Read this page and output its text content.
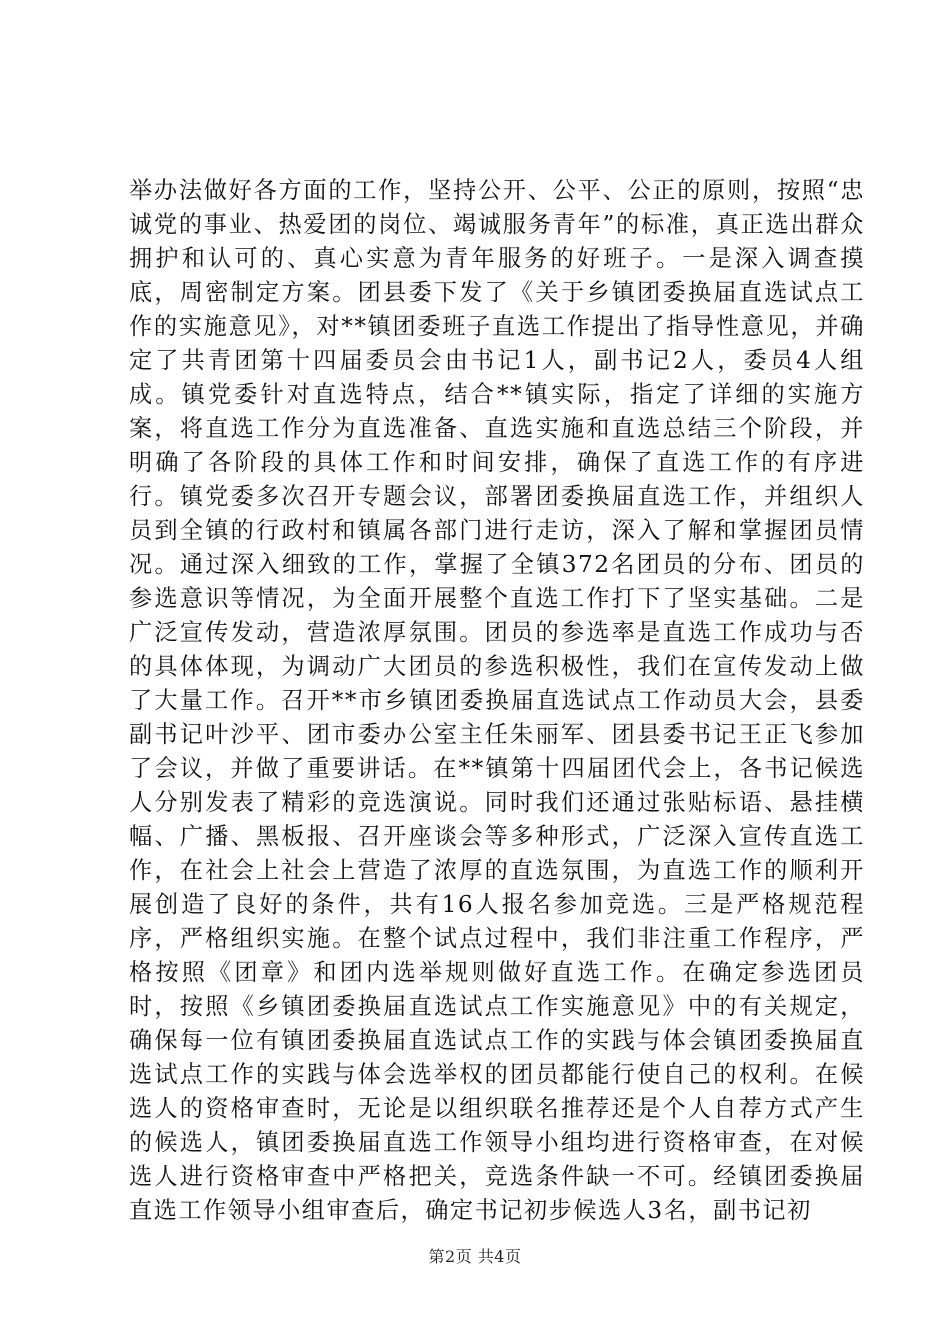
举办法做好各方面的工作，坚持公开、公平、公正的原则，按照“忠诚党的事业、热爱团的岗位、竭诚服务青年”的标准，真正选出群众拥护和认可的、真心实意为青年服务的好班子。一是深入调查摸底，周密制定方案。团县委下发了《关于乡镇团委换届直选试点工作的实施意见》，对**镇团委班子直选工作提出了指导性意见，并确定了共青团第十四届委员会由书记1人，副书记2人，委员4人组成。镇党委针对直选特点，结合**镇实际，指定了详细的实施方案，将直选工作分为直选准备、直选实施和直选总结三个阶段，并明确了各阶段的具体工作和时间安排，确保了直选工作的有序进行。镇党委多次召开专题会议，部署团委换届直选工作，并组织人员到全镇的行政村和镇属各部门进行走访，深入了解和掌握团员情况。通过深入细致的工作，掌握了全镇372名团员的分布、团员的参选意识等情况，为全面开展整个直选工作打下了坚实基础。二是广泛宣传发动，营造浓厚氛围。团员的参选率是直选工作成功与否的具体体现，为调动广大团员的参选积极性，我们在宣传发动上做了大量工作。召开**市乡镇团委换届直选试点工作动员大会，县委副书记叶沙平、团市委办公室主任朱丽军、团县委书记王正飞参加了会议，并做了重要讲话。在**镇第十四届团代会上，各书记候选人分别发表了精彩的竞选演说。同时我们还通过张贴标语、悬挂横幅、广播、黑板报、召开座谈会等多种形式，广泛深入宣传直选工作，在社会上社会上营造了浓厚的直选氛围，为直选工作的顺利开展创造了良好的条件，共有16人报名参加竞选。三是严格规范程序，严格组织实施。在整个试点过程中，我们非注重工作程序，严格按照《团章》和团内选举规则做好直选工作。在确定参选团员时，按照《乡镇团委换届直选试点工作实施意见》中的有关规定，确保每一位有镇团委换届直选试点工作的实践与体会镇团委换届直选试点工作的实践与体会选举权的团员都能行使自己的权利。在候选人的资格审查时，无论是以组织联名推荐还是个人自荐方式产生的候选人，镇团委换届直选工作领导小组均进行资格审查，在对候选人进行资格审查中严格把关，竞选条件缺一不可。经镇团委换届直选工作领导小组审查后，确定书记初步候选人3名，副书记初

第2页 共4页
